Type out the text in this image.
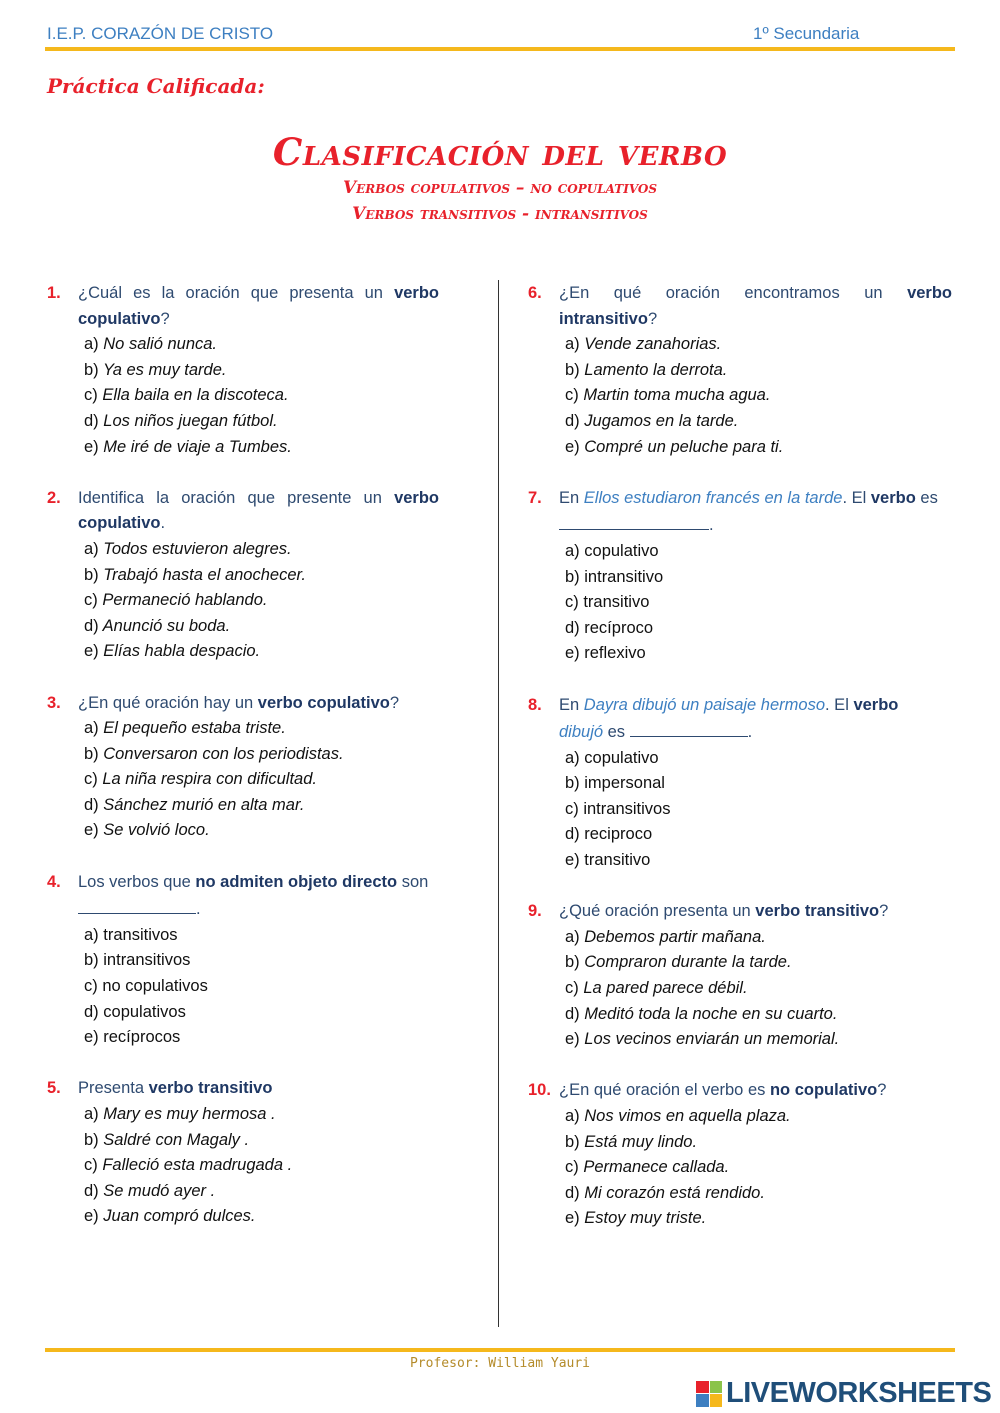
I.E.P. CORAZÓN DE CRISTO	1º Secundaria
Práctica Calificada:
Clasificación del verbo
Verbos copulativos – no copulativos
Verbos transitivos - intransitivos
1. ¿Cuál es la oración que presenta un verbo copulativo?
a) No salió nunca.
b) Ya es muy tarde.
c) Ella baila en la discoteca.
d) Los niños juegan fútbol.
e) Me iré de viaje a Tumbes.
2. Identifica la oración que presente un verbo copulativo.
a) Todos estuvieron alegres.
b) Trabajó hasta el anochecer.
c) Permaneció hablando.
d) Anunció su boda.
e) Elías habla despacio.
3. ¿En qué oración hay un verbo copulativo?
a) El pequeño estaba triste.
b) Conversaron con los periodistas.
c) La niña respira con dificultad.
d) Sánchez murió en alta mar.
e) Se volvió loco.
4. Los verbos que no admiten objeto directo son
.
a) transitivos
b) intransitivos
c) no copulativos
d) copulativos
e) recíprocos
5. Presenta verbo transitivo
a) Mary es muy hermosa .
b) Saldré con Magaly .
c) Falleció esta madrugada .
d) Se mudó ayer .
e) Juan compró dulces.
6. ¿En qué oración encontramos un verbo intransitivo?
a) Vende zanahorias.
b) Lamento la derrota.
c) Martin toma mucha agua.
d) Jugamos en la tarde.
e) Compré un peluche para ti.
7. En Ellos estudiaron francés en la tarde. El verbo es
.
a) copulativo
b) intransitivo
c) transitivo
d) recíproco
e) reflexivo
8. En Dayra dibujó un paisaje hermoso. El verbo
dibujó es	.
a) copulativo
b) impersonal
c) intransitivos
d) reciproco
e) transitivo
9. ¿Qué oración presenta un verbo transitivo?
a) Debemos partir mañana.
b) Compraron durante la tarde.
c) La pared parece débil.
d) Meditó toda la noche en su cuarto.
e) Los vecinos enviarán un memorial.
10. ¿En qué oración el verbo es no copulativo?
a) Nos vimos en aquella plaza.
b) Está muy lindo.
c) Permanece callada.
d) Mi corazón está rendido.
e) Estoy muy triste.
Profesor: William Yauri
LIVEWORKSHEETS
